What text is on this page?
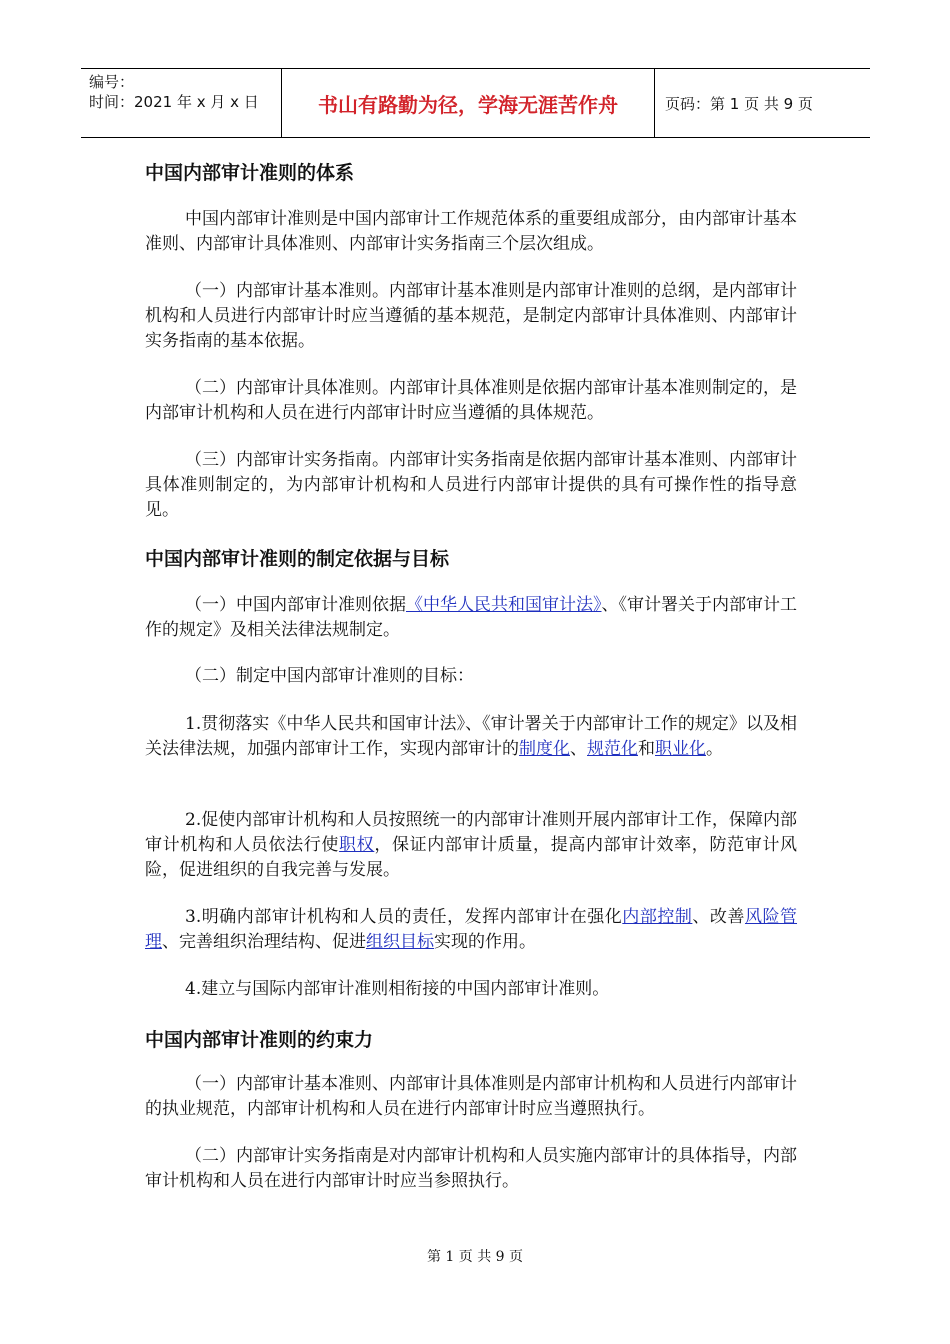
编号：
时间：2021 年 x 月 x 日	书山有路勤为径，学海无涯苦作舟	页码：第 1 页 共 9 页
中国内部审计准则的体系
中国内部审计准则是中国内部审计工作规范体系的重要组成部分，由内部审计基本准则、内部审计具体准则、内部审计实务指南三个层次组成。
（一）内部审计基本准则。内部审计基本准则是内部审计准则的总纲，是内部审计机构和人员进行内部审计时应当遵循的基本规范，是制定内部审计具体准则、内部审计实务指南的基本依据。
（二）内部审计具体准则。内部审计具体准则是依据内部审计基本准则制定的，是内部审计机构和人员在进行内部审计时应当遵循的具体规范。
（三）内部审计实务指南。内部审计实务指南是依据内部审计基本准则、内部审计具体准则制定的，为内部审计机构和人员进行内部审计提供的具有可操作性的指导意见。
中国内部审计准则的制定依据与目标
（一）中国内部审计准则依据《中华人民共和国审计法》、《审计署关于内部审计工作的规定》及相关法律法规制定。
（二）制定中国内部审计准则的目标：
1.贯彻落实《中华人民共和国审计法》、《审计署关于内部审计工作的规定》以及相关法律法规，加强内部审计工作，实现内部审计的制度化、规范化和职业化。
2.促使内部审计机构和人员按照统一的内部审计准则开展内部审计工作，保障内部审计机构和人员依法行使职权，保证内部审计质量，提高内部审计效率，防范审计风险，促进组织的自我完善与发展。
3.明确内部审计机构和人员的责任，发挥内部审计在强化内部控制、改善风险管理、完善组织治理结构、促进组织目标实现的作用。
4.建立与国际内部审计准则相衔接的中国内部审计准则。
中国内部审计准则的约束力
（一）内部审计基本准则、内部审计具体准则是内部审计机构和人员进行内部审计的执业规范，内部审计机构和人员在进行内部审计时应当遵照执行。
（二）内部审计实务指南是对内部审计机构和人员实施内部审计的具体指导，内部审计机构和人员在进行内部审计时应当参照执行。
第 1 页 共 9 页
